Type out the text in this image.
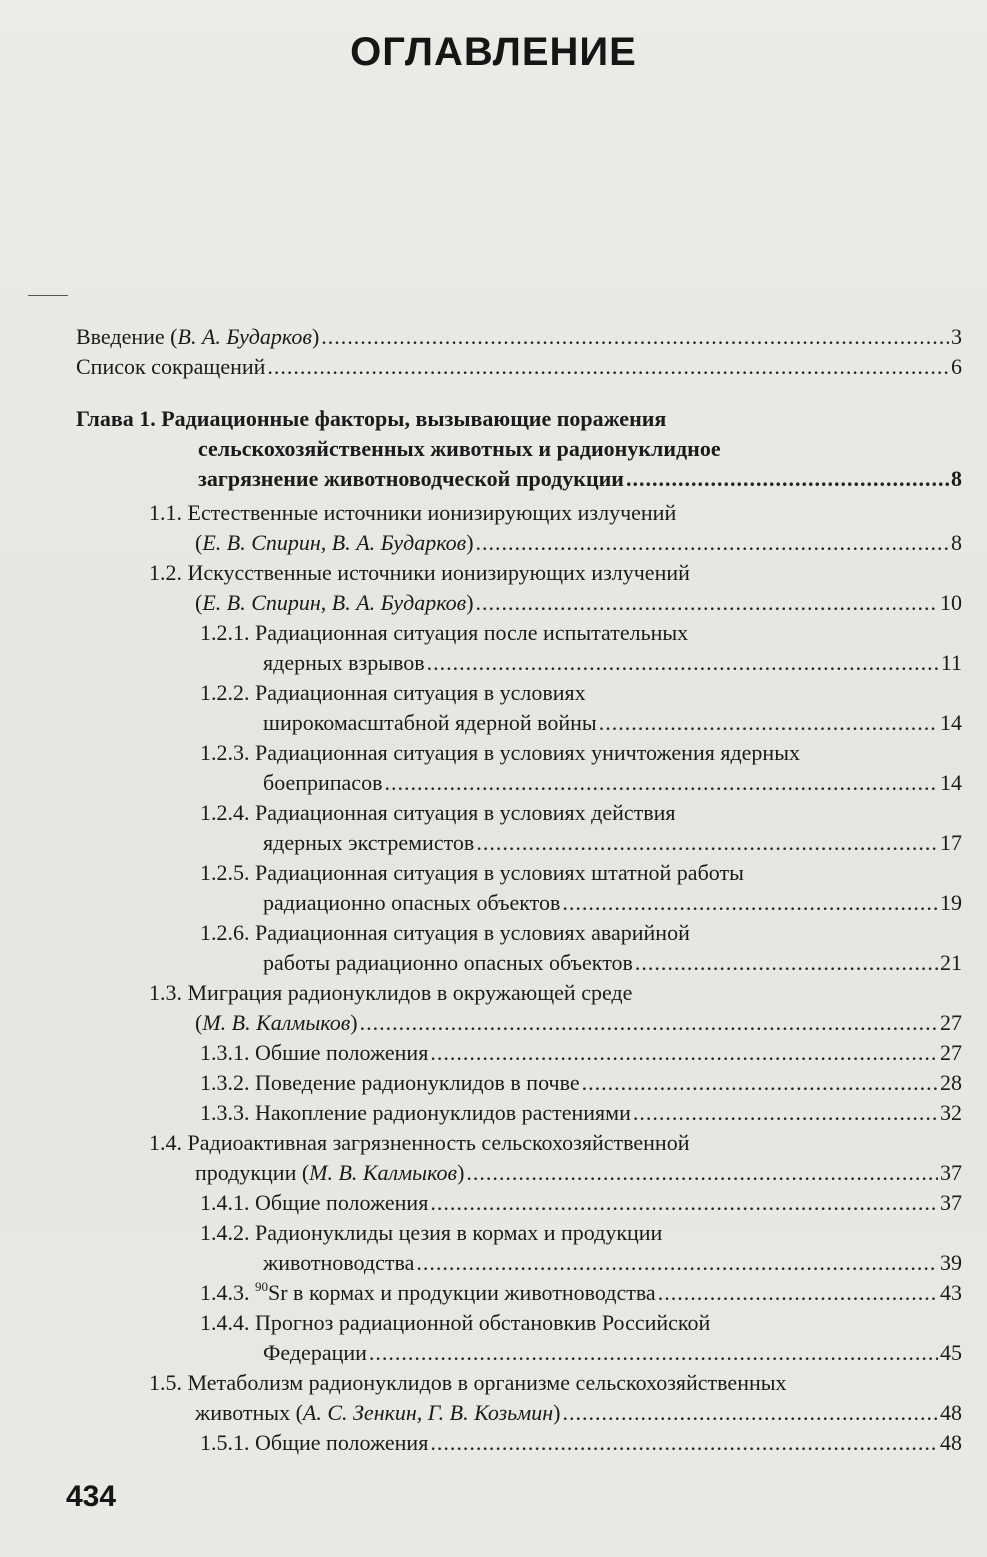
ОГЛАВЛЕНИЕ
Введение (В. А. Бударков) .....	3
Список сокращений .....	6
Глава 1. Радиационные факторы, вызывающие поражения
сельскохозяйственных животных и радионуклидное
загрязнение животноводческой продукции .....	8
1.1. Естественные источники ионизирующих излучений
(Е. В. Спирин, В. А. Бударков) .....	8
1.2. Искусственные источники ионизирующих излучений
(Е. В. Спирин, В. А. Бударков) .....	10
1.2.1. Радиационная ситуация после испытательных
ядерных взрывов .....	11
1.2.2. Радиационная ситуация в условиях
широкомасштабной ядерной войны .....	14
1.2.3. Радиационная ситуация в условиях уничтожения ядерных
боеприпасов .....	14
1.2.4. Радиационная ситуация в условиях действия
ядерных экстремистов .....	17
1.2.5. Радиационная ситуация в условиях штатной работы
радиационно опасных объектов .....	19
1.2.6. Радиационная ситуация в условиях аварийной
работы радиационно опасных объектов .....	21
1.3. Миграция радионуклидов в окружающей среде
(М. В. Калмыков) .....	27
1.3.1. Обшие положения .....	27
1.3.2. Поведение радионуклидов в почве .....	28
1.3.3. Накопление радионуклидов растениями .....	32
1.4. Радиоактивная загрязненность сельскохозяйственной
продукции (М. В. Калмыков) .....	37
1.4.1. Общие положения .....	37
1.4.2. Радионуклиды цезия в кормах и продукции
животноводства .....	39
1.4.3. $^{90}$Sr в кормах и продукции животноводства .....	43
1.4.4. Прогноз радиационной обстановкив Российской
Федерации .....	45
1.5. Метаболизм радионуклидов в организме сельскохозяйственных
животных (А. С. Зенкин, Г. В. Козьмин) .....	48
1.5.1. Общие положения .....	48
434
